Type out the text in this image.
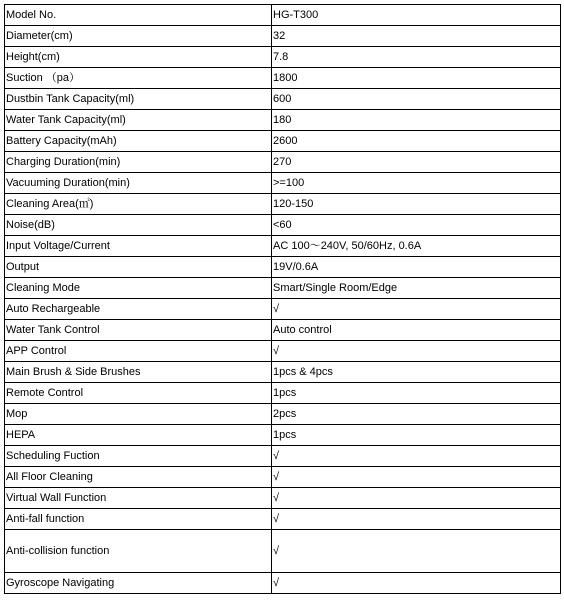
Model No.	HG-T300
Diameter(cm)	32
Height(cm)	7.8
Suction （pa）	1800
Dustbin Tank Capacity(ml)	600
Water Tank Capacity(ml)	180
Battery Capacity(mAh)	2600
Charging Duration(min)	270
Vacuuming Duration(min)	>=100
Cleaning Area(㎡)	120-150
Noise(dB)	<60
Input Voltage/Current	AC 100～240V, 50/60Hz, 0.6A
Output	19V/0.6A
Cleaning Mode	Smart/Single Room/Edge
Auto Rechargeable	√
Water Tank Control	Auto control
APP Control	√
Main Brush & Side Brushes	1pcs & 4pcs
Remote Control	1pcs
Mop	2pcs
HEPA	1pcs
Scheduling Fuction	√
All Floor Cleaning	√
Virtual Wall Function	√
Anti-fall function	√
Anti-collision function	√
Gyroscope Navigating	√
